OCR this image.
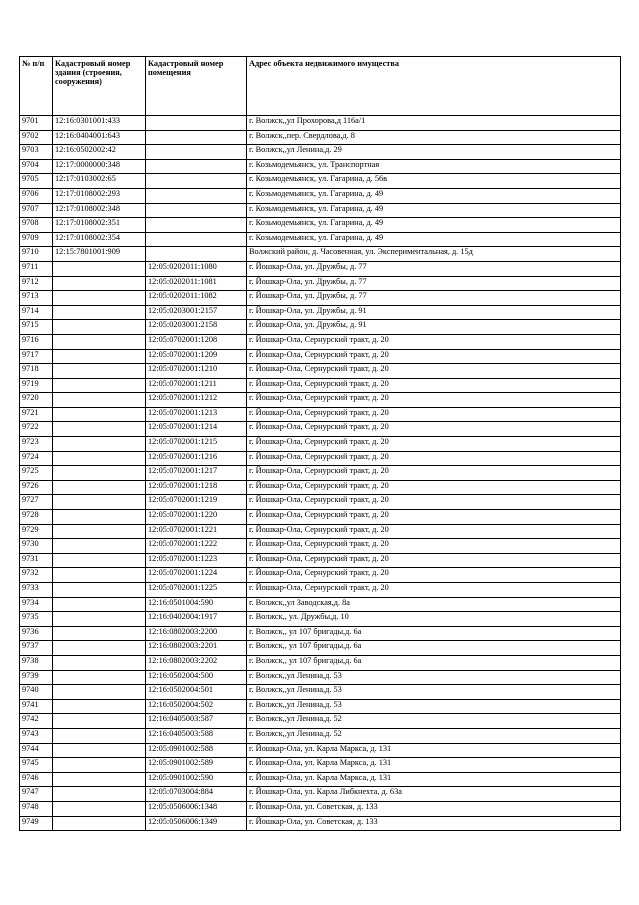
№ п/п	Кадастровый номер здания (строения, сооружения)	Кадастровый номер помещения	Адрес объекта недвижимого имущества
9701	12:16:0301001:433		г. Волжск,,ул Прохорова,д 116а/1
9702	12:16:0404001:643		г. Волжск,,пер. Свердлова,д. 8
9703	12:16:0502002:42		г. Волжск,,ул Ленина,д. 29
9704	12:17:0000000:348		г. Козьмодемьянск, ул. Транспортная
9705	12:17:0103002:65		г. Козьмодемьянск, ул. Гагарина, д. 56в
9706	12:17:0108002:293		г. Козьмодемьянск, ул. Гагарина, д. 49
9707	12:17:0108002:348		г. Козьмодемьянск, ул. Гагарина, д. 49
9708	12:17:0108002:351		г. Козьмодемьянск, ул. Гагарина, д. 49
9709	12:17:0108002:354		г. Козьмодемьянск, ул. Гагарина, д. 49
9710	12:15:7801001:909		Волжский район, д. Часовенная, ул. Экспериментальная, д. 15д
9711		12:05:0202011:1080	г. Йошкар-Ола, ул. Дружбы, д. 77
9712		12:05:0202011:1081	г. Йошкар-Ола, ул. Дружбы, д. 77
9713		12:05:0202011:1082	г. Йошкар-Ола, ул. Дружбы, д. 77
9714		12:05:0203001:2157	г. Йошкар-Ола, ул. Дружбы, д. 91
9715		12:05:0203001:2158	г. Йошкар-Ола, ул. Дружбы, д. 91
9716		12:05:0702001:1208	г. Йошкар-Ола, Сернурский тракт, д. 20
9717		12:05:0702001:1209	г. Йошкар-Ола, Сернурский тракт, д. 20
9718		12:05:0702001:1210	г. Йошкар-Ола, Сернурский тракт, д. 20
9719		12:05:0702001:1211	г. Йошкар-Ола, Сернурский тракт, д. 20
9720		12:05:0702001:1212	г. Йошкар-Ола, Сернурский тракт, д. 20
9721		12:05:0702001:1213	г. Йошкар-Ола, Сернурский тракт, д. 20
9722		12:05:0702001:1214	г. Йошкар-Ола, Сернурский тракт, д. 20
9723		12:05:0702001:1215	г. Йошкар-Ола, Сернурский тракт, д. 20
9724		12:05:0702001:1216	г. Йошкар-Ола, Сернурский тракт, д. 20
9725		12:05:0702001:1217	г. Йошкар-Ола, Сернурский тракт, д. 20
9726		12:05:0702001:1218	г. Йошкар-Ола, Сернурский тракт, д. 20
9727		12:05:0702001:1219	г. Йошкар-Ола, Сернурский тракт, д. 20
9728		12:05:0702001:1220	г. Йошкар-Ола, Сернурский тракт, д. 20
9729		12:05:0702001:1221	г. Йошкар-Ола, Сернурский тракт, д. 20
9730		12:05:0702001:1222	г. Йошкар-Ола, Сернурский тракт, д. 20
9731		12:05:0702001:1223	г. Йошкар-Ола, Сернурский тракт, д. 20
9732		12:05:0702001:1224	г. Йошкар-Ола, Сернурский тракт, д. 20
9733		12:05:0702001:1225	г. Йошкар-Ола, Сернурский тракт, д. 20
9734		12:16:0501004:590	г. Волжск,,ул Заводская,д. 8а
9735		12:16:0402004:1917	г. Волжск,, ул. Дружбы,д. 10
9736		12:16:0802003:2200	г. Волжск,, ул 107 бригады,д. 6а
9737		12:16:0802003:2201	г. Волжск,, ул 107 бригады,д. 6а
9738		12:16:0802003:2202	г. Волжск,, ул 107 бригады,д. 6а
9739		12:16:0502004:500	г. Волжск,,ул Ленина,д. 53
9740		12:16:0502004:501	г. Волжск,,ул Ленина,д. 53
9741		12:16:0502004:502	г. Волжск,,ул Ленина,д. 53
9742		12:16:0405003:587	г. Волжск,,ул Ленина,д. 52
9743		12:16:0405003:588	г. Волжск,,ул Ленина,д. 52
9744		12:05:0901002:588	г. Йошкар-Ола, ул. Карла Маркса, д. 131
9745		12:05:0901002:589	г. Йошкар-Ола, ул. Карла Маркса, д. 131
9746		12:05:0901002:590	г. Йошкар-Ола, ул. Карла Маркса, д. 131
9747		12:05:0703004:884	г. Йошкар-Ола, ул. Карла Либкнехта, д. 63а
9748		12:05:0506006:1348	г. Йошкар-Ола, ул. Советская, д. 133
9749		12:05:0506006:1349	г. Йошкар-Ола, ул. Советская, д. 133
